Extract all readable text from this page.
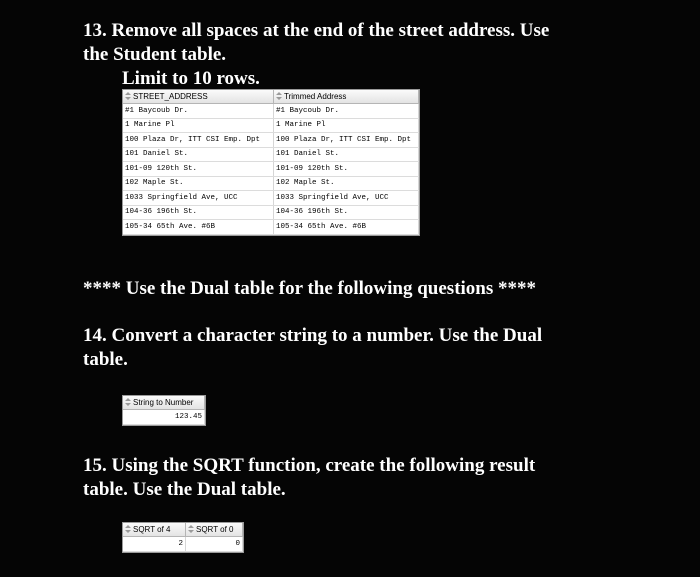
13. Remove all spaces at the end of the street address. Use
the Student table.
Limit to 10 rows.
STREET_ADDRESS	Trimmed Address
#1 Baycoub Dr.	#1 Baycoub Dr.
1 Marine Pl	1 Marine Pl
100 Plaza Dr, ITT CSI Emp. Dpt	100 Plaza Dr, ITT CSI Emp. Dpt
101 Daniel St.	101 Daniel St.
101-09 120th St.	101-09 120th St.
102 Maple St.	102 Maple St.
1033 Springfield Ave, UCC	1033 Springfield Ave, UCC
104-36 196th St.	104-36 196th St.
105-34 65th Ave. #6B	105-34 65th Ave. #6B
**** Use the Dual table for the following questions ****
14. Convert a character string to a number. Use the Dual
table.
String to Number
123.45
15. Using the SQRT function, create the following result
table. Use the Dual table.
SQRT of 4	SQRT of 0
2	0
